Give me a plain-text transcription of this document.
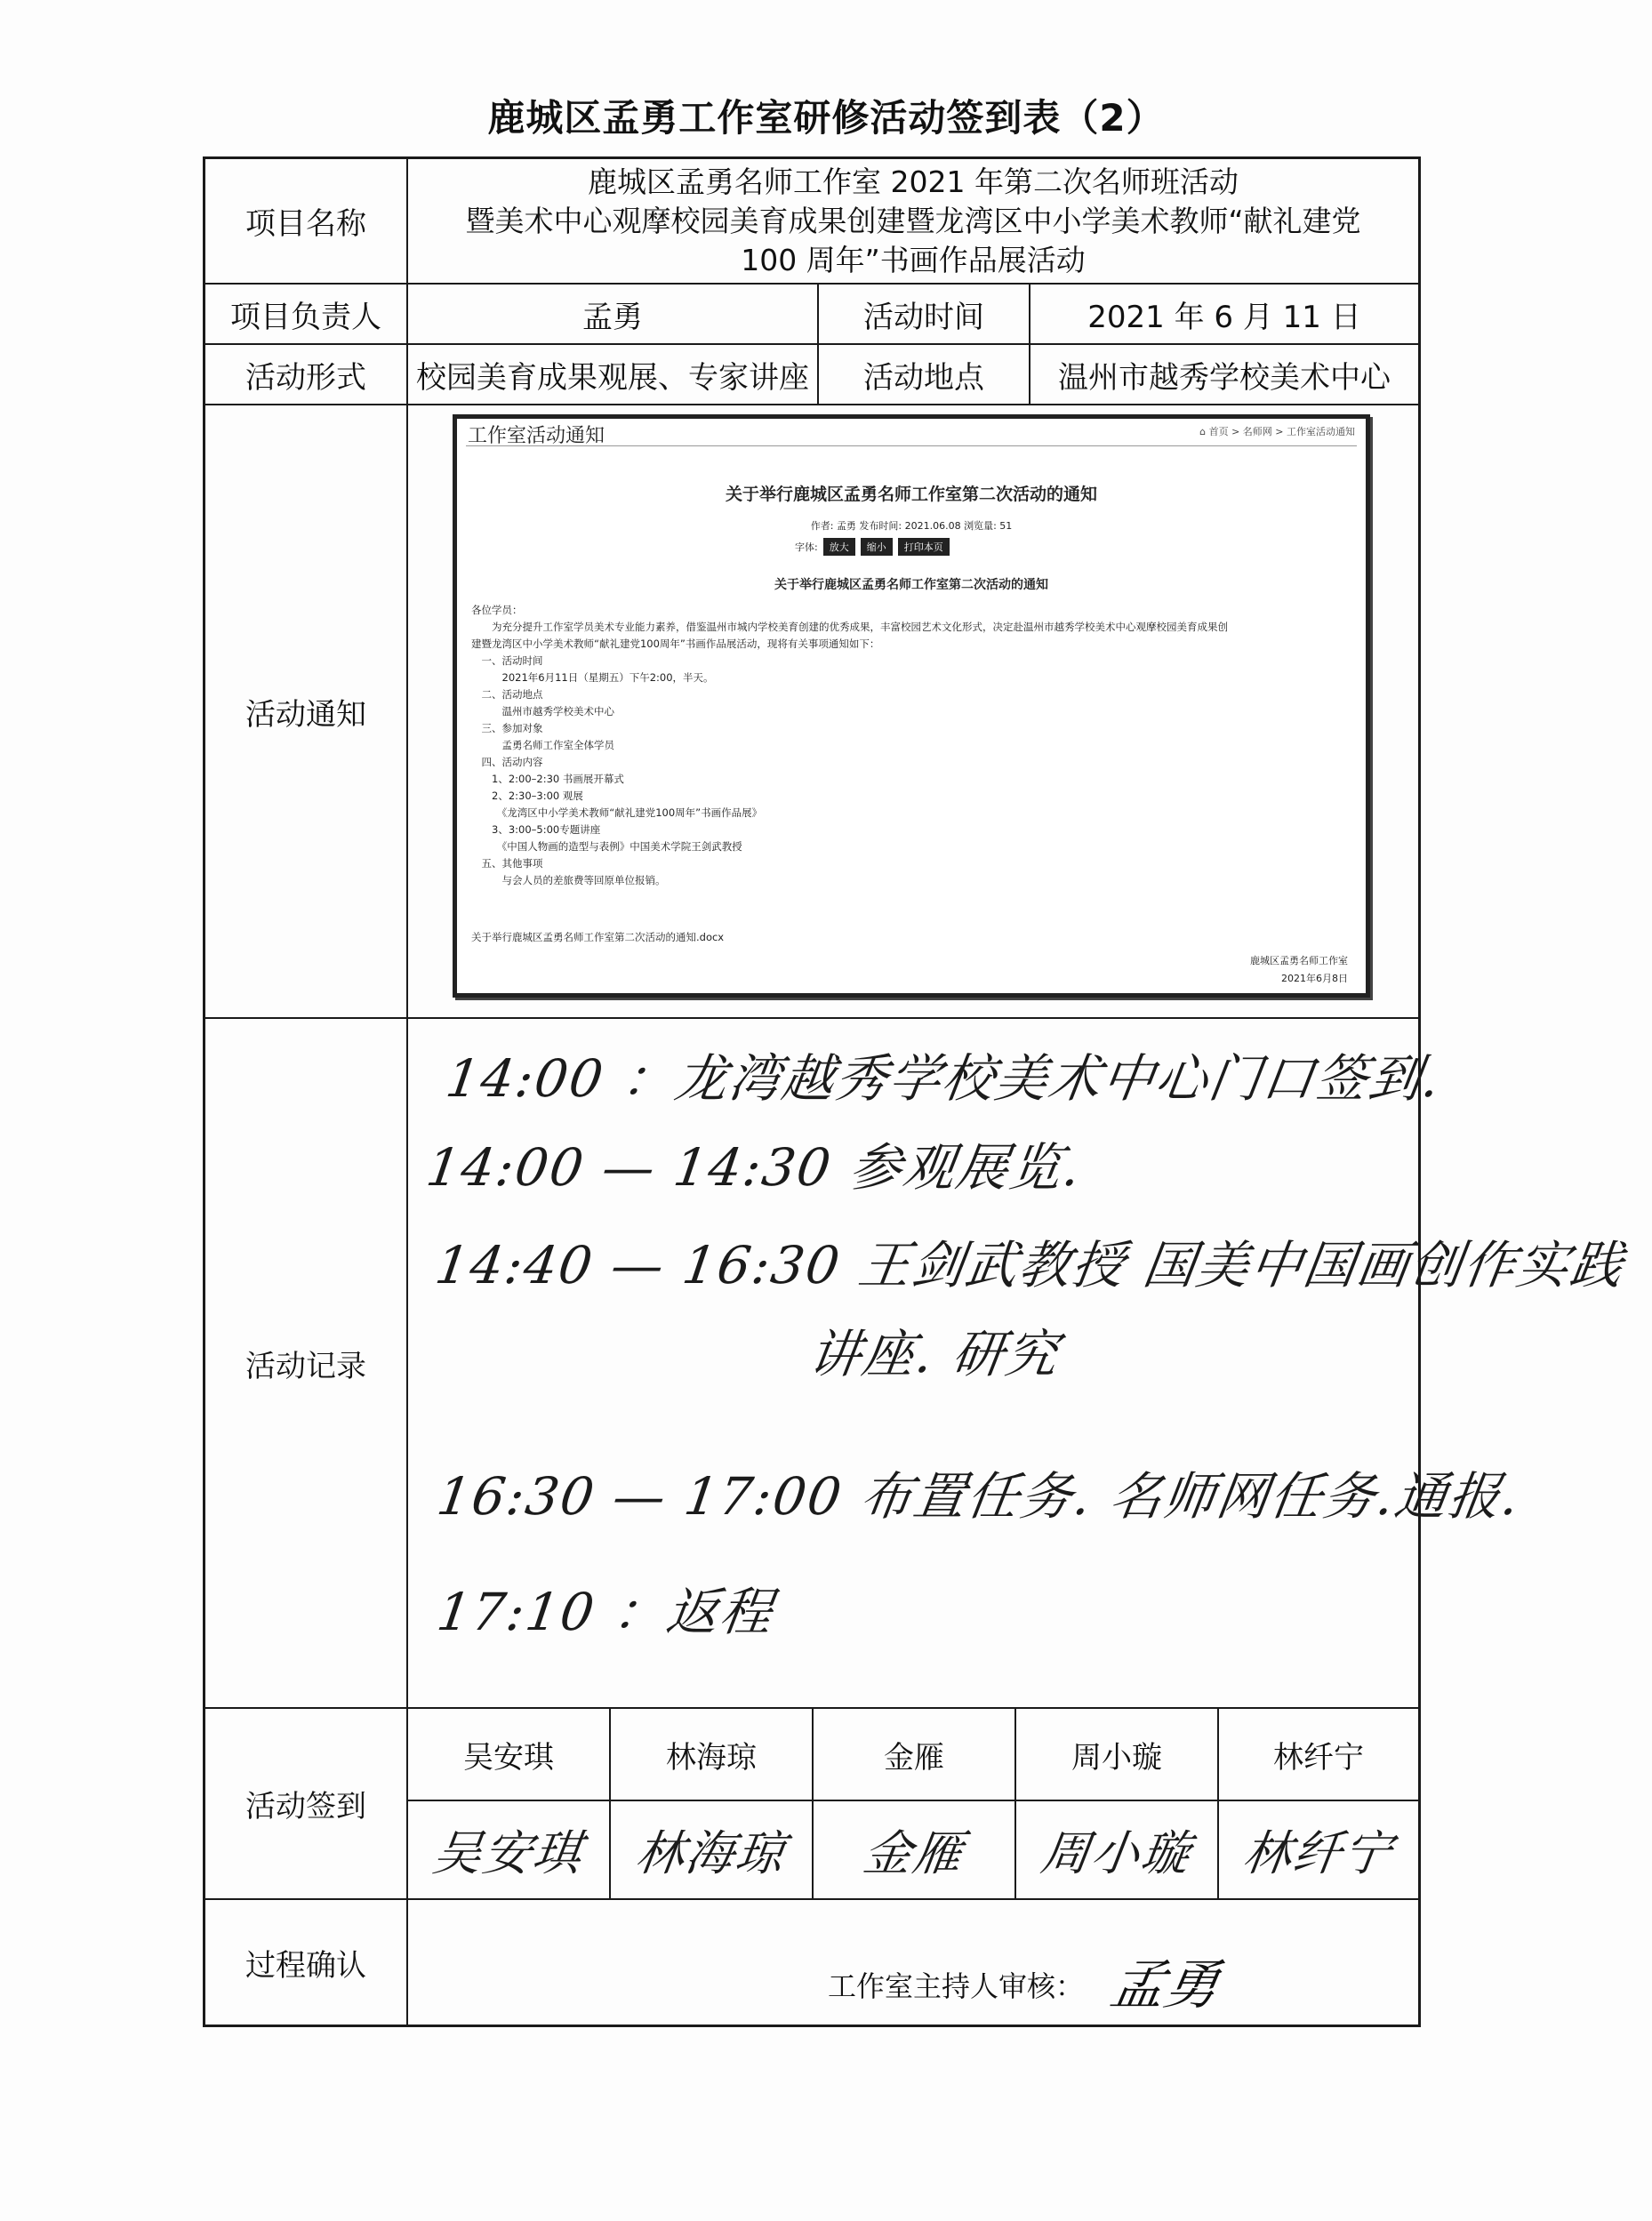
鹿城区孟勇工作室研修活动签到表（2）
项目名称
鹿城区孟勇名师工作室 2021 年第二次名师班活动
暨美术中心观摩校园美育成果创建暨龙湾区中小学美术教师“献礼建党
100 周年”书画作品展活动
项目负责人	孟勇	活动时间	2021 年 6 月 11 日
活动形式	校园美育成果观展、专家讲座	活动地点	温州市越秀学校美术中心
活动通知
工作室活动通知	⌂ 首页 > 名师网 > 工作室活动通知
关于举行鹿城区孟勇名师工作室第二次活动的通知
作者: 孟勇 发布时间: 2021.06.08 浏览量: 51
字体:	放大	缩小	打印本页
关于举行鹿城区孟勇名师工作室第二次活动的通知
各位学员：
　　为充分提升工作室学员美术专业能力素养，借鉴温州市城内学校美育创建的优秀成果，丰富校园艺术文化形式，决定赴温州市越秀学校美术中心观摩校园美育成果创
建暨龙湾区中小学美术教师“献礼建党100周年”书画作品展活动，现将有关事项通知如下：
　一、活动时间
　　　2021年6月11日（星期五）下午2:00，半天。
　二、活动地点
　　　温州市越秀学校美术中心
　三、参加对象
　　　孟勇名师工作室全体学员
　四、活动内容
　　1、2:00–2:30 书画展开幕式
　　2、2:30–3:00 观展
　　　《龙湾区中小学美术教师“献礼建党100周年”书画作品展》
　　3、3:00–5:00专题讲座
　　　《中国人物画的造型与表例》中国美术学院王剑武教授
　五、其他事项
　　　与会人员的差旅费等回原单位报销。
关于举行鹿城区孟勇名师工作室第二次活动的通知.docx
鹿城区孟勇名师工作室
2021年6月8日
活动记录
14:00 ：龙湾越秀学校美术中心门口签到.
14:00 — 14:30 参观展览.
14:40 — 16:30 王剑武教授 国美中国画创作实践
讲座. 研究
16:30 — 17:00 布置任务. 名师网任务.通报.
17:10 ：返程
活动签到
吴安琪	林海琼	金雁	周小璇	林纤宁
吴安琪 林海琼 金雁 周小璇 林纤宁
过程确认
工作室主持人审核： 孟勇
